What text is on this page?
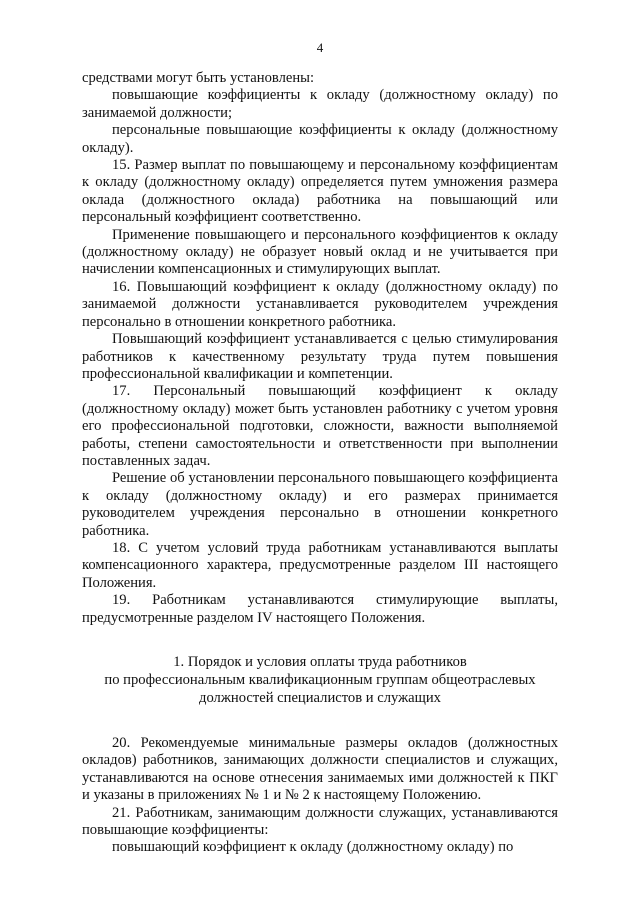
4

средствами могут быть установлены:

повышающие коэффициенты к окладу (должностному окладу) по занимаемой должности;

персональные повышающие коэффициенты к окладу (должностному окладу).

15. Размер выплат по повышающему и персональному коэффициентам к окладу (должностному окладу) определяется путем умножения размера оклада (должностного оклада) работника на повышающий или персональный коэффициент соответственно.

Применение повышающего и персонального коэффициентов к окладу (должностному окладу) не образует новый оклад и не учитывается при начислении компенсационных и стимулирующих выплат.

16. Повышающий коэффициент к окладу (должностному окладу) по занимаемой должности устанавливается руководителем учреждения персонально в отношении конкретного работника.

Повышающий коэффициент устанавливается с целью стимулирования работников к качественному результату труда путем повышения профессиональной квалификации и компетенции.

17. Персональный повышающий коэффициент к окладу (должностному окладу) может быть установлен работнику с учетом уровня его профессиональной подготовки, сложности, важности выполняемой работы, степени самостоятельности и ответственности при выполнении поставленных задач.

Решение об установлении персонального повышающего коэффициента к окладу (должностному окладу) и его размерах принимается руководителем учреждения персонально в отношении конкретного работника.

18. С учетом условий труда работникам устанавливаются выплаты компенсационного характера, предусмотренные разделом III настоящего Положения.

19. Работникам устанавливаются стимулирующие выплаты, предусмотренные разделом IV настоящего Положения.

1. Порядок и условия оплаты труда работников
по профессиональным квалификационным группам общеотраслевых
должностей специалистов и служащих

20. Рекомендуемые минимальные размеры окладов (должностных окладов) работников, занимающих должности специалистов и служащих, устанавливаются на основе отнесения занимаемых ими должностей к ПКГ и указаны в приложениях № 1 и № 2 к настоящему Положению.

21. Работникам, занимающим должности служащих, устанавливаются повышающие коэффициенты:

повышающий коэффициент к окладу (должностному окладу) по
